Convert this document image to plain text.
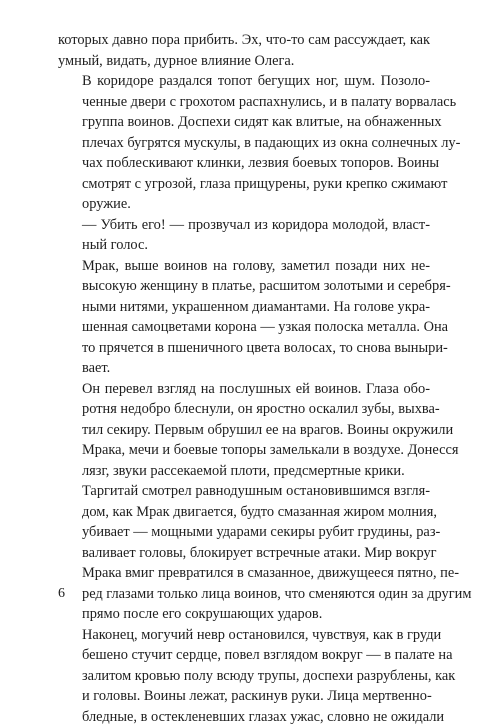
которых давно пора прибить. Эх, что-то сам рассуждает, как
умный, видать, дурное влияние Олега.

В коридоре раздался топот бегущих ног, шум. Позоло-
ченные двери с грохотом распахнулись, и в палату ворвалась
группа воинов. Доспехи сидят как влитые, на обнаженных
плечах бугрятся мускулы, в падающих из окна солнечных лу-
чах поблескивают клинки, лезвия боевых топоров. Воины
смотрят с угрозой, глаза прищурены, руки крепко сжимают
оружие.

— Убить его! — прозвучал из коридора молодой, власт-
ный голос.

Мрак, выше воинов на голову, заметил позади них не-
высокую женщину в платье, расшитом золотыми и серебря-
ными нитями, украшенном диамантами. На голове укра-
шенная самоцветами корона — узкая полоска металла. Она
то прячется в пшеничного цвета волосах, то снова выныри-
вает.

Он перевел взгляд на послушных ей воинов. Глаза обо-
ротня недобро блеснули, он яростно оскалил зубы, выхва-
тил секиру. Первым обрушил ее на врагов. Воины окружили
Мрака, мечи и боевые топоры замелькали в воздухе. Донесся
лязг, звуки рассекаемой плоти, предсмертные крики.

Таргитай смотрел равнодушным остановившимся взгля-
дом, как Мрак двигается, будто смазанная жиром молния,
убивает — мощными ударами секиры рубит грудины, раз-
валивает головы, блокирует встречные атаки. Мир вокруг
Мрака вмиг превратился в смазанное, движущееся пятно, пе-
ред глазами только лица воинов, что сменяются один за другим
прямо после его сокрушающих ударов.

Наконец, могучий невр остановился, чувствуя, как в груди
бешено стучит сердце, повел взглядом вокруг — в палате на
залитом кровью полу всюду трупы, доспехи разрублены, как
и головы. Воины лежат, раскинув руки. Лица мертвенно-
бледные, в остекленевших глазах ужас, словно не ожидали

6
